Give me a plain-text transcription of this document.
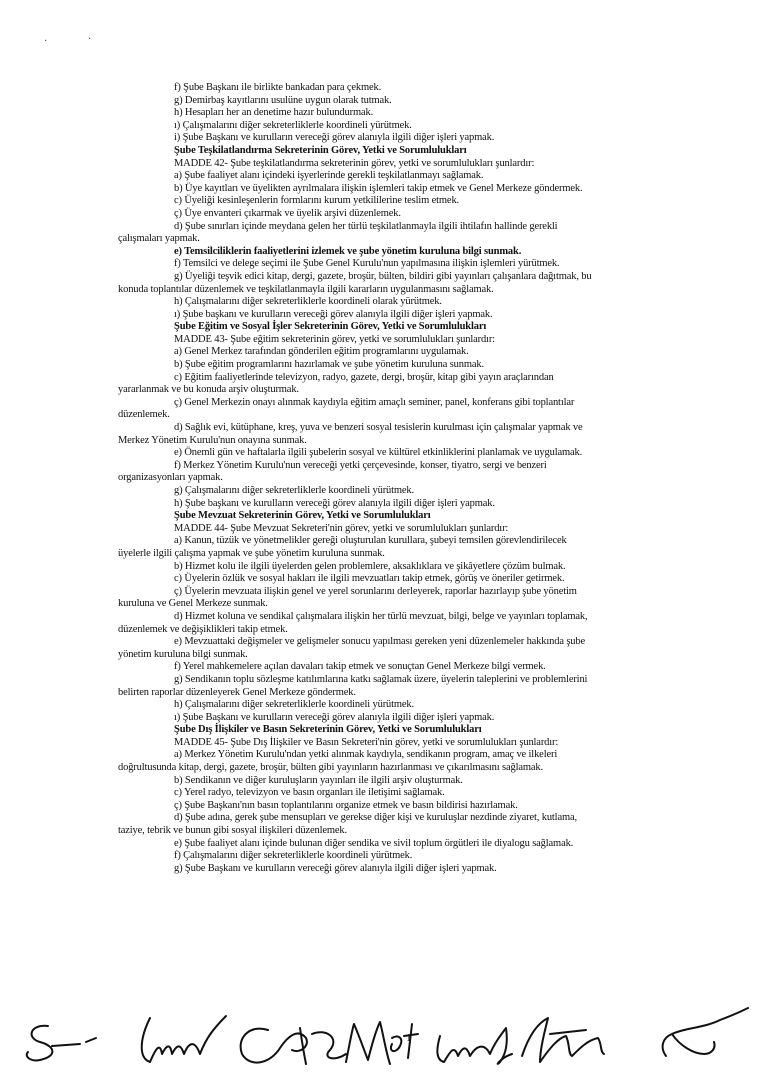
·	·

f) Şube Başkanı ile birlikte bankadan para çekmek.

g) Demirbaş kayıtlarını usulüne uygun olarak tutmak.

h) Hesapları her an denetime hazır bulundurmak.

ı) Çalışmalarını diğer sekreterliklerle koordineli yürütmek.

i) Şube Başkanı ve kurulların vereceği görev alanıyla ilgili diğer işleri yapmak.

Şube Teşkilatlandırma Sekreterinin Görev, Yetki ve Sorumlulukları

MADDE 42- Şube teşkilatlandırma sekreterinin görev, yetki ve sorumlulukları şunlardır:

a) Şube faaliyet alanı içindeki işyerlerinde gerekli teşkilatlanmayı sağlamak.

b) Üye kayıtları ve üyelikten ayrılmalara ilişkin işlemleri takip etmek ve Genel Merkeze göndermek.

c) Üyeliği kesinleşenlerin formlarını kurum yetkililerine teslim etmek.

ç) Üye envanteri çıkarmak ve üyelik arşivi düzenlemek.

d) Şube sınırları içinde meydana gelen her türlü teşkilatlanmayla ilgili ihtilafın hallinde gerekli

çalışmaları yapmak.

e) Temsilciliklerin faaliyetlerini izlemek ve şube yönetim kuruluna bilgi sunmak.

f) Temsilci ve delege seçimi ile Şube Genel Kurulu'nun yapılmasına ilişkin işlemleri yürütmek.

g) Üyeliği teşvik edici kitap, dergi, gazete, broşür, bülten, bildiri gibi yayınları çalışanlara dağıtmak, bu

konuda toplantılar düzenlemek ve teşkilatlanmayla ilgili kararların uygulanmasını sağlamak.

h) Çalışmalarını diğer sekreterliklerle koordineli olarak yürütmek.

ı) Şube başkanı ve kurulların vereceği görev alanıyla ilgili diğer işleri yapmak.

Şube Eğitim ve Sosyal İşler Sekreterinin Görev, Yetki ve Sorumlulukları

MADDE 43- Şube eğitim sekreterinin görev, yetki ve sorumlulukları şunlardır:

a) Genel Merkez tarafından gönderilen eğitim programlarını uygulamak.

b) Şube eğitim programlarını hazırlamak ve şube yönetim kuruluna sunmak.

c) Eğitim faaliyetlerinde televizyon, radyo, gazete, dergi, broşür, kitap gibi yayın araçlarından

yararlanmak ve bu konuda arşiv oluşturmak.

ç) Genel Merkezin onayı alınmak kaydıyla eğitim amaçlı seminer, panel, konferans gibi toplantılar

düzenlemek.

d) Sağlık evi, kütüphane, kreş, yuva ve benzeri sosyal tesislerin kurulması için çalışmalar yapmak ve

Merkez Yönetim Kurulu'nun onayına sunmak.

e) Önemli gün ve haftalarla ilgili şubelerin sosyal ve kültürel etkinliklerini planlamak ve uygulamak.

f) Merkez Yönetim Kurulu'nun vereceği yetki çerçevesinde, konser, tiyatro, sergi ve benzeri

organizasyonları yapmak.

g) Çalışmalarını diğer sekreterliklerle koordineli yürütmek.

h) Şube başkanı ve kurulların vereceği görev alanıyla ilgili diğer işleri yapmak.

Şube Mevzuat Sekreterinin Görev, Yetki ve Sorumlulukları

MADDE 44- Şube Mevzuat Sekreteri'nin görev, yetki ve sorumlulukları şunlardır:

a) Kanun, tüzük ve yönetmelikler gereği oluşturulan kurullara, şubeyi temsilen görevlendirilecek

üyelerle ilgili çalışma yapmak ve şube yönetim kuruluna sunmak.

b) Hizmet kolu ile ilgili üyelerden gelen problemlere, aksaklıklara ve şikâyetlere çözüm bulmak.

c) Üyelerin özlük ve sosyal hakları ile ilgili mevzuatları takip etmek, görüş ve öneriler getirmek.

ç) Üyelerin mevzuata ilişkin genel ve yerel sorunlarını derleyerek, raporlar hazırlayıp şube yönetim

kuruluna ve Genel Merkeze sunmak.

d) Hizmet koluna ve sendikal çalışmalara ilişkin her türlü mevzuat, bilgi, belge ve yayınları toplamak,

düzenlemek ve değişiklikleri takip etmek.

e) Mevzuattaki değişmeler ve gelişmeler sonucu yapılması gereken yeni düzenlemeler hakkında şube

yönetim kuruluna bilgi sunmak.

f) Yerel mahkemelere açılan davaları takip etmek ve sonuçtan Genel Merkeze bilgi vermek.

g) Sendikanın toplu sözleşme katılımlarına katkı sağlamak üzere, üyelerin taleplerini ve problemlerini

belirten raporlar düzenleyerek Genel Merkeze göndermek.

h) Çalışmalarını diğer sekreterliklerle koordineli yürütmek.

ı) Şube Başkanı ve kurulların vereceği görev alanıyla ilgili diğer işleri yapmak.

Şube Dış İlişkiler ve Basın Sekreterinin Görev, Yetki ve Sorumlulukları

MADDE 45- Şube Dış İlişkiler ve Basın Sekreteri'nin görev, yetki ve sorumlulukları şunlardır:

a) Merkez Yönetim Kurulu'ndan yetki alınmak kaydıyla, sendikanın program, amaç ve ilkeleri

doğrultusunda kitap, dergi, gazete, broşür, bülten gibi yayınların hazırlanması ve çıkarılmasını sağlamak.

b) Sendikanın ve diğer kuruluşların yayınları ile ilgili arşiv oluşturmak.

c) Yerel radyo, televizyon ve basın organları ile iletişimi sağlamak.

ç) Şube Başkanı'nın basın toplantılarını organize etmek ve basın bildirisi hazırlamak.

d) Şube adına, gerek şube mensupları ve gerekse diğer kişi ve kuruluşlar nezdinde ziyaret, kutlama,

taziye, tebrik ve bunun gibi sosyal ilişkileri düzenlemek.

e) Şube faaliyet alanı içinde bulunan diğer sendika ve sivil toplum örgütleri ile diyalogu sağlamak.

f) Çalışmalarını diğer sekreterliklerle koordineli yürütmek.

g) Şube Başkanı ve kurulların vereceği görev alanıyla ilgili diğer işleri yapmak.

1
